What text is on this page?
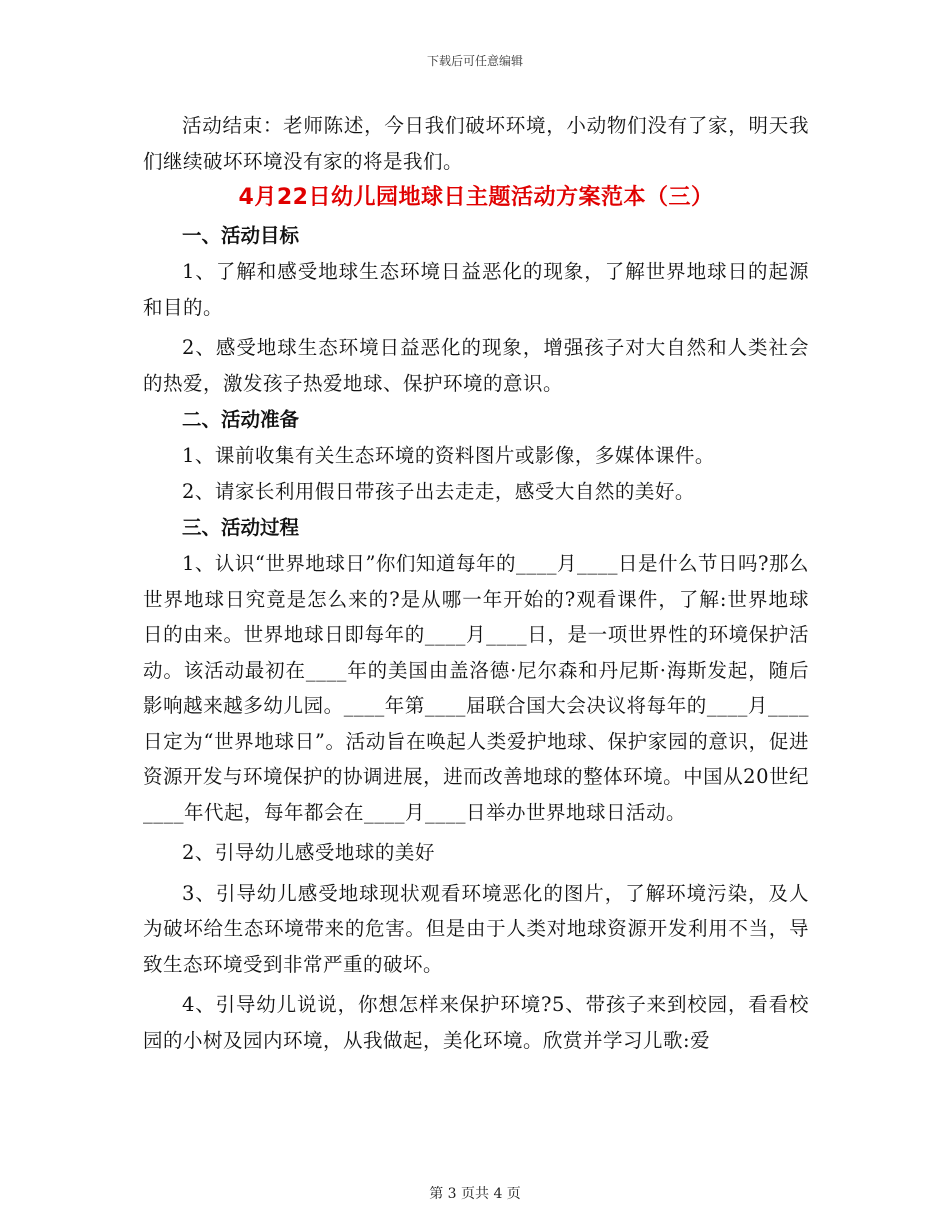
下载后可任意编辑

活动结束：老师陈述，今日我们破坏环境，小动物们没有了家，明天我们继续破坏环境没有家的将是我们。

4月22日幼儿园地球日主题活动方案范本（三）
一、活动目标

1、了解和感受地球生态环境日益恶化的现象，了解世界地球日的起源和目的。

2、感受地球生态环境日益恶化的现象，增强孩子对大自然和人类社会的热爱，激发孩子热爱地球、保护环境的意识。

二、活动准备

1、课前收集有关生态环境的资料图片或影像，多媒体课件。

2、请家长利用假日带孩子出去走走，感受大自然的美好。

三、活动过程

1、认识“世界地球日”你们知道每年的____月____日是什么节日吗?那么世界地球日究竟是怎么来的?是从哪一年开始的?观看课件，了解:世界地球日的由来。世界地球日即每年的____月____日，是一项世界性的环境保护活动。该活动最初在____年的美国由盖洛德·尼尔森和丹尼斯·海斯发起，随后影响越来越多幼儿园。____年第____届联合国大会决议将每年的____月____日定为“世界地球日”。活动旨在唤起人类爱护地球、保护家园的意识，促进资源开发与环境保护的协调进展，进而改善地球的整体环境。中国从20世纪____年代起，每年都会在____月____日举办世界地球日活动。

2、引导幼儿感受地球的美好

3、引导幼儿感受地球现状观看环境恶化的图片，了解环境污染，及人为破坏给生态环境带来的危害。但是由于人类对地球资源开发利用不当，导致生态环境受到非常严重的破坏。

4、引导幼儿说说，你想怎样来保护环境?5、带孩子来到校园，看看校园的小树及园内环境，从我做起，美化环境。欣赏并学习儿歌:爱

第 3 页共 4 页
